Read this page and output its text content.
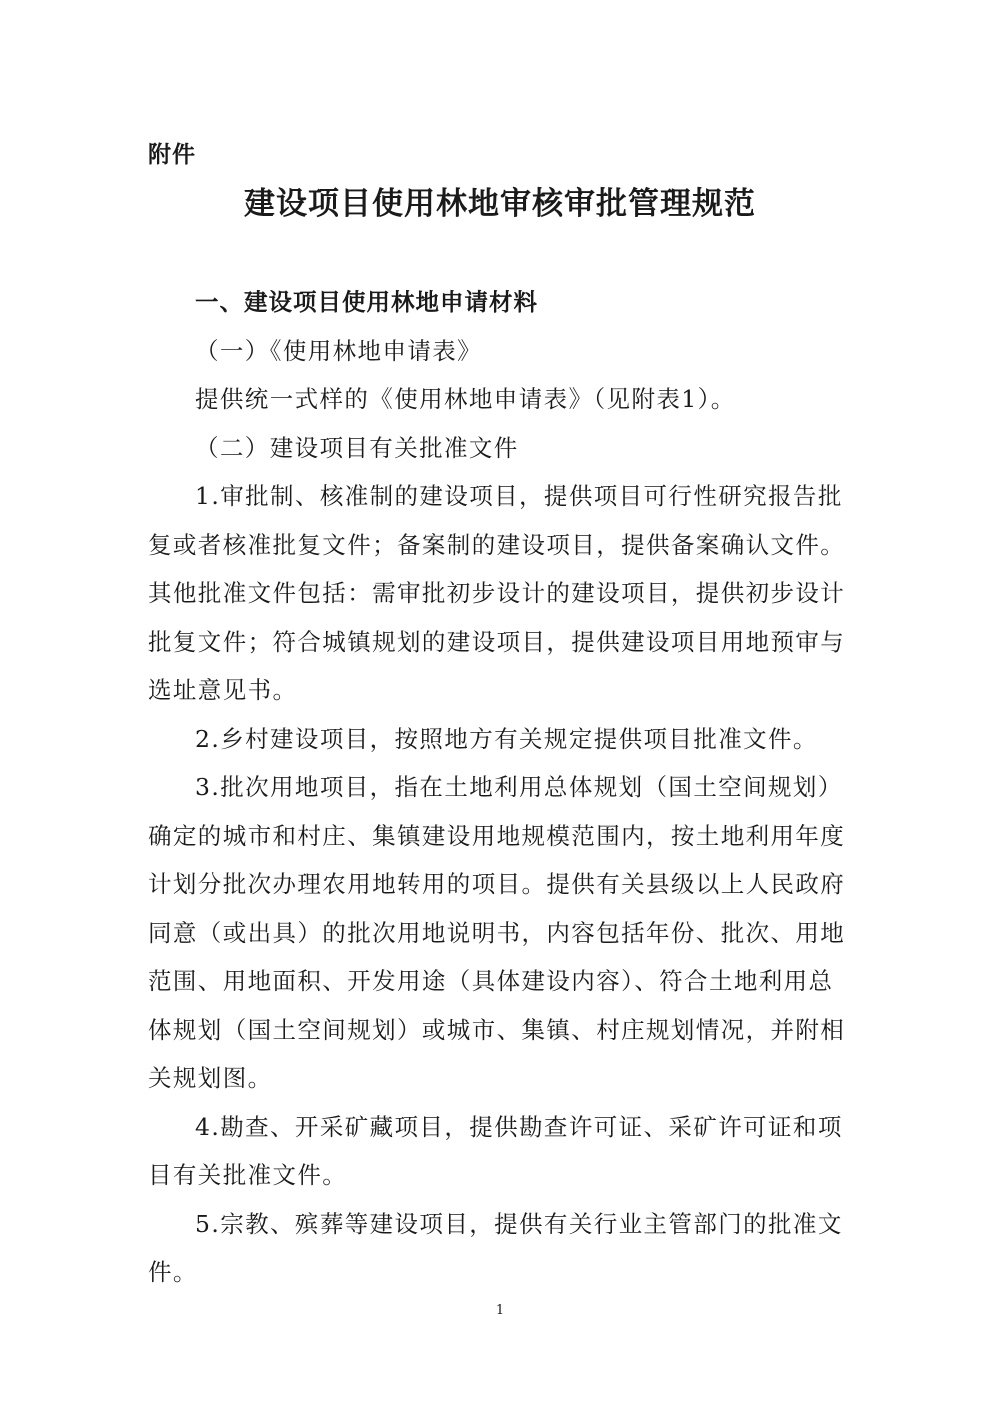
附件
建设项目使用林地审核审批管理规范

一、建设项目使用林地申请材料

（一）《使用林地申请表》

提供统一式样的《使用林地申请表》（见附表1）。

（二）建设项目有关批准文件

1.审批制、核准制的建设项目，提供项目可行性研究报告批复或者核准批复文件；备案制的建设项目，提供备案确认文件。其他批准文件包括：需审批初步设计的建设项目，提供初步设计批复文件；符合城镇规划的建设项目，提供建设项目用地预审与选址意见书。

2.乡村建设项目，按照地方有关规定提供项目批准文件。

3.批次用地项目，指在土地利用总体规划（国土空间规划）确定的城市和村庄、集镇建设用地规模范围内，按土地利用年度计划分批次办理农用地转用的项目。提供有关县级以上人民政府同意（或出具）的批次用地说明书，内容包括年份、批次、用地范围、用地面积、开发用途（具体建设内容）、符合土地利用总体规划（国土空间规划）或城市、集镇、村庄规划情况，并附相关规划图。

4.勘查、开采矿藏项目，提供勘查许可证、采矿许可证和项目有关批准文件。

5.宗教、殡葬等建设项目，提供有关行业主管部门的批准文件。

1
